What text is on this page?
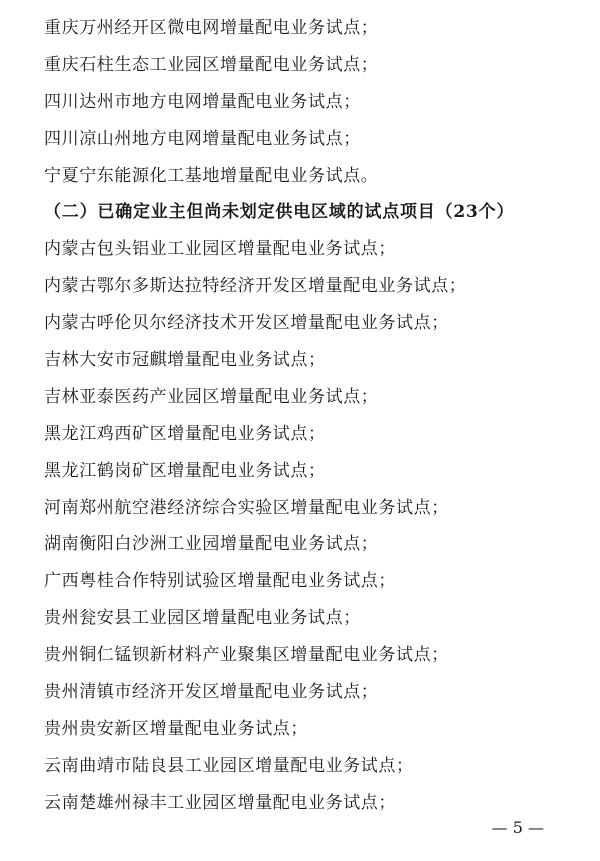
重庆万州经开区微电网增量配电业务试点；
重庆石柱生态工业园区增量配电业务试点；
四川达州市地方电网增量配电业务试点；
四川凉山州地方电网增量配电业务试点；
宁夏宁东能源化工基地增量配电业务试点。
（二）已确定业主但尚未划定供电区域的试点项目（23个）
内蒙古包头铝业工业园区增量配电业务试点；
内蒙古鄂尔多斯达拉特经济开发区增量配电业务试点；
内蒙古呼伦贝尔经济技术开发区增量配电业务试点；
吉林大安市冠麒增量配电业务试点；
吉林亚泰医药产业园区增量配电业务试点；
黑龙江鸡西矿区增量配电业务试点；
黑龙江鹤岗矿区增量配电业务试点；
河南郑州航空港经济综合实验区增量配电业务试点；
湖南衡阳白沙洲工业园增量配电业务试点；
广西粤桂合作特别试验区增量配电业务试点；
贵州瓮安县工业园区增量配电业务试点；
贵州铜仁锰钡新材料产业聚集区增量配电业务试点；
贵州清镇市经济开发区增量配电业务试点；
贵州贵安新区增量配电业务试点；
云南曲靖市陆良县工业园区增量配电业务试点；
云南楚雄州禄丰工业园区增量配电业务试点；
— 5 —
